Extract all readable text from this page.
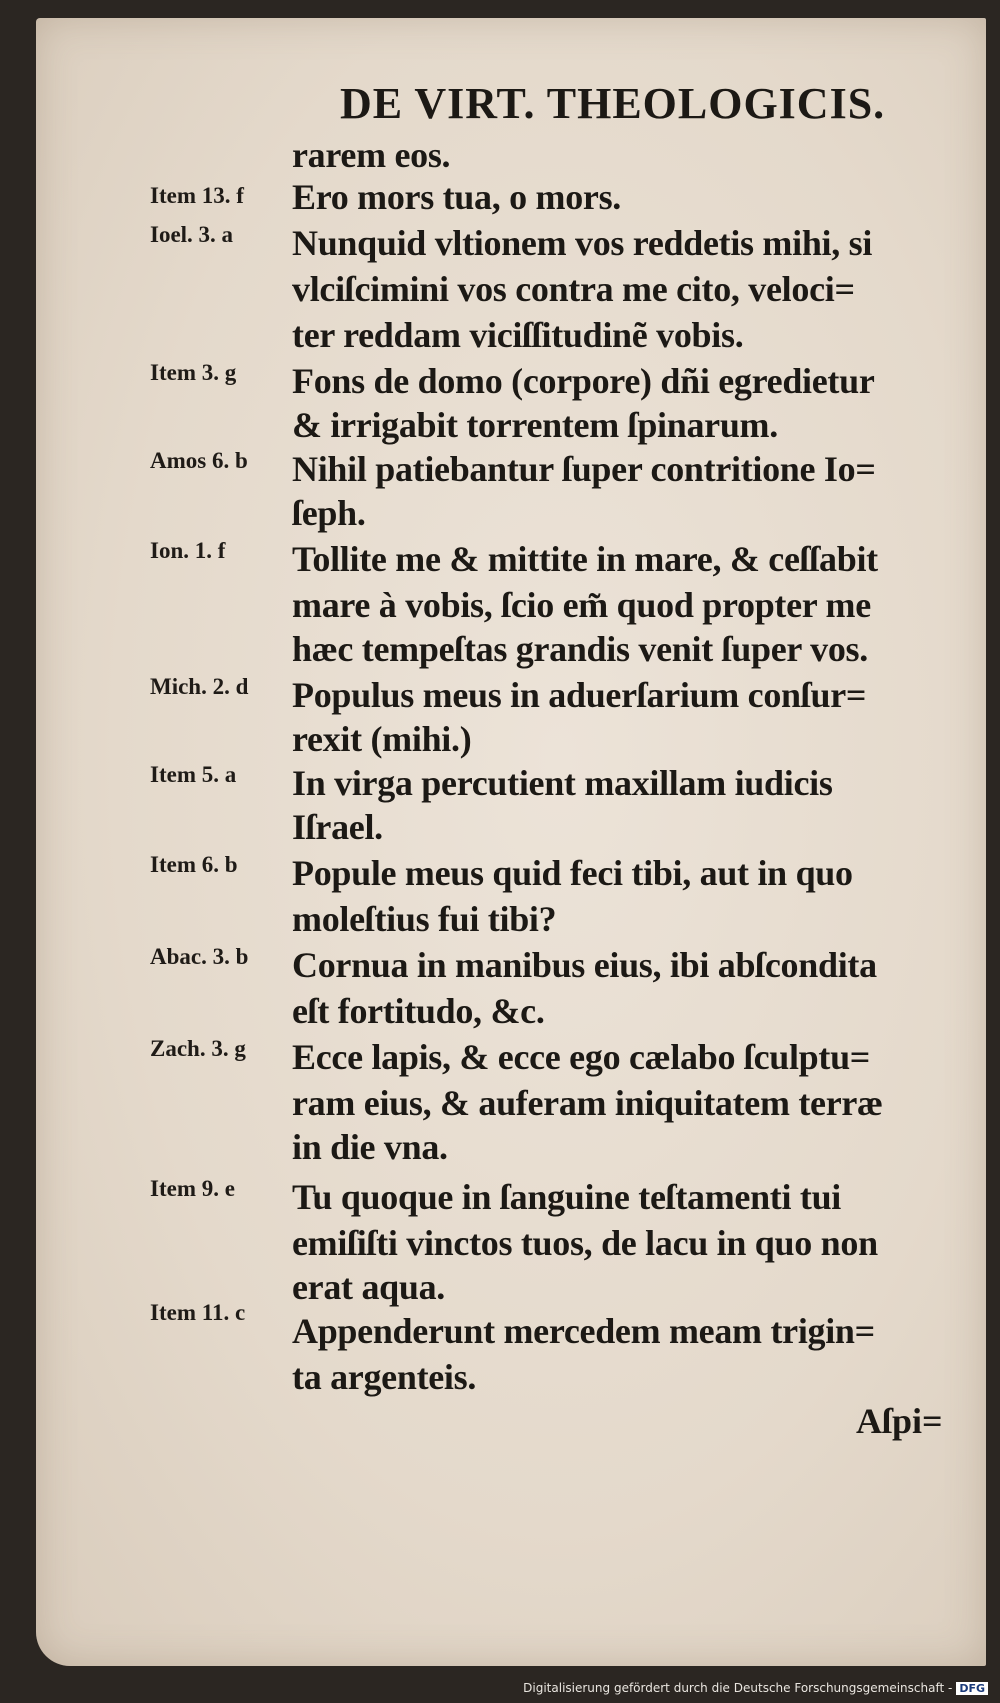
DE VIRT. THEOLOGICIS.
Item 13. f
Ioel. 3. a
Item 3. g
Amos 6. b
Ion. 1. f
Mich. 2. d
Item 5. a
Item 6. b
Abac. 3. b
Zach. 3. g
Item 9. e
Item 11. c
rarem eos.
Ero mors tua, o mors.
Nunquid vltionem vos reddetis mihi, si
vlciſcimini vos contra me cito, veloci=
ter reddam viciſſitudinẽ vobis.
Fons de domo (corpore) dñi egredietur
& irrigabit torrentem ſpinarum.
Nihil patiebantur ſuper contritione Io=
ſeph.
Tollite me & mittite in mare, & ceſſabit
mare à vobis, ſcio em̃ quod propter me
hæc tempeſtas grandis venit ſuper vos.
Populus meus in aduerſarium conſur=
rexit (mihi.)
In virga percutient maxillam iudicis
Iſrael.
Popule meus quid feci tibi, aut in quo
moleſtius fui tibi?
Cornua in manibus eius, ibi abſcondita
eſt fortitudo, &c.
Ecce lapis, & ecce ego cælabo ſculptu=
ram eius, & auferam iniquitatem terræ
in die vna.
Tu quoque in ſanguine teſtamenti tui
emiſiſti vinctos tuos, de lacu in quo non
erat aqua.
Appenderunt mercedem meam trigin=
ta argenteis.
Aſpi=
Digitalisierung gefördert durch die Deutsche Forschungsgemeinschaft - DFG
